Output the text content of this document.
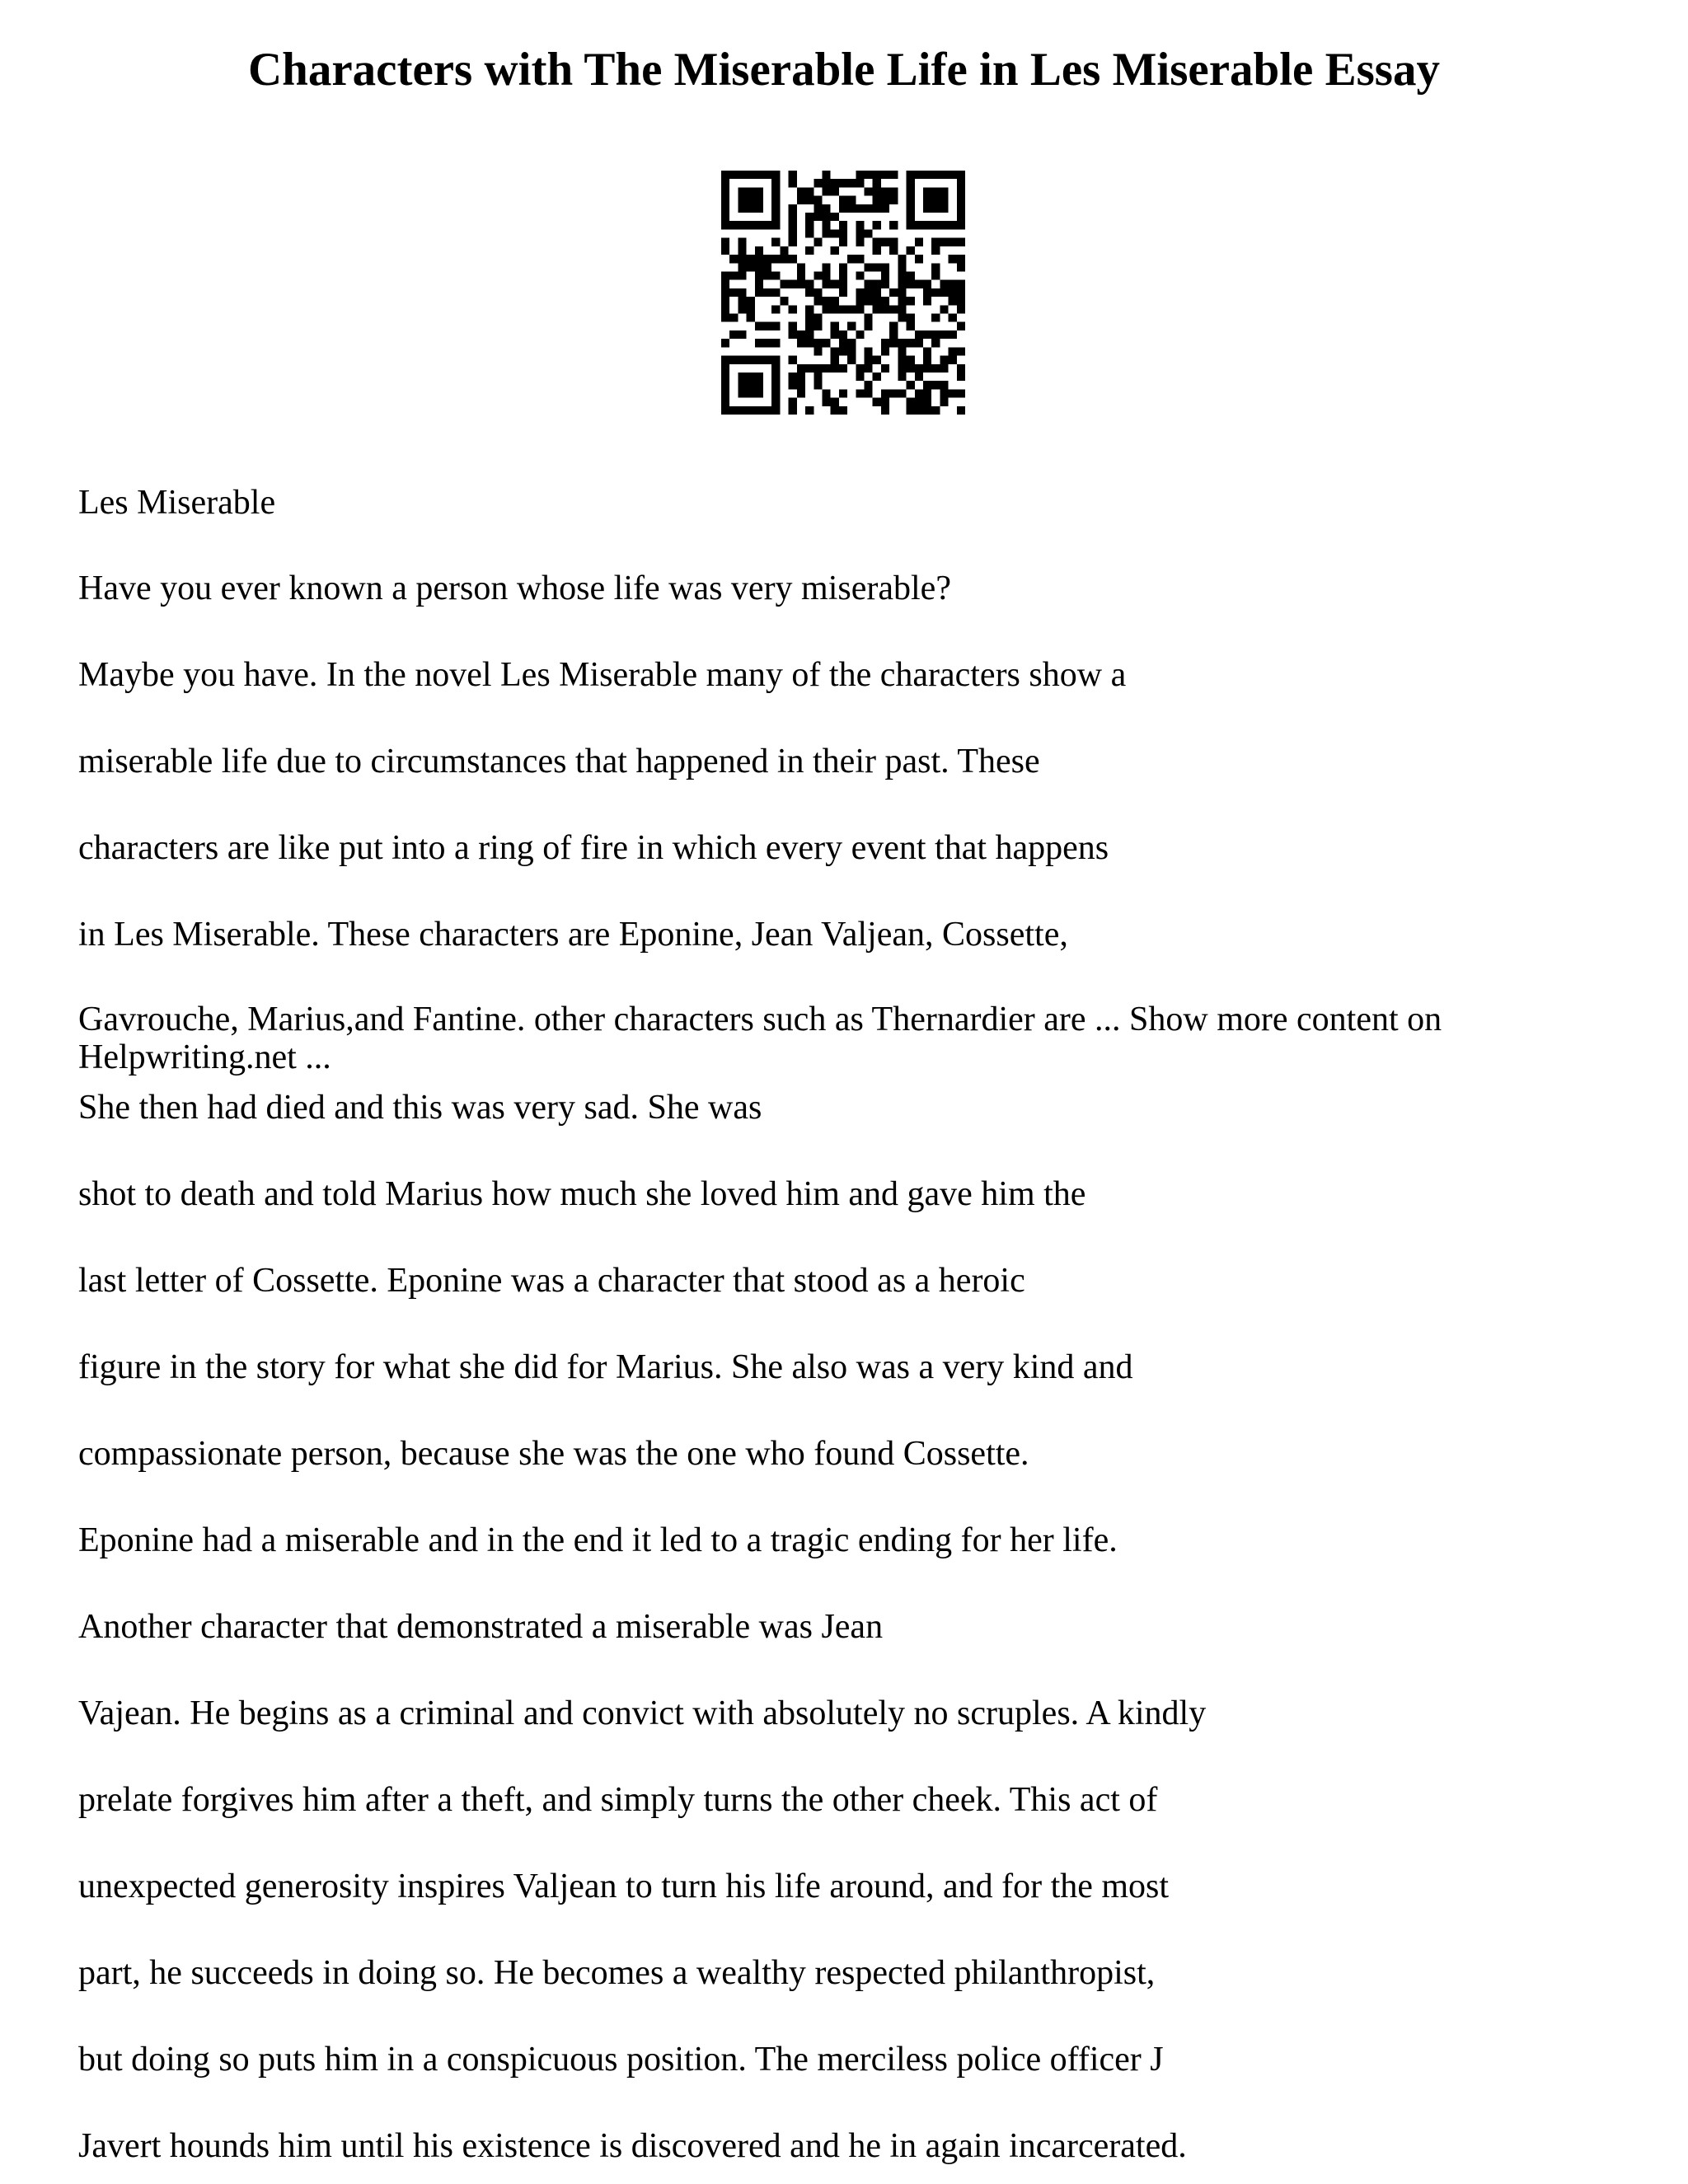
Characters with The Miserable Life in Les Miserable Essay

Les Miserable

Have you ever known a person whose life was very miserable?

Maybe you have. In the novel Les Miserable many of the characters show a

miserable life due to circumstances that happened in their past. These

characters are like put into a ring of fire in which every event that happens

in Les Miserable. These characters are Eponine, Jean Valjean, Cossette,

Gavrouche, Marius,and Fantine. other characters such as Thernardier are ... Show more content on Helpwriting.net ...

She then had died and this was very sad. She was

shot to death and told Marius how much she loved him and gave him the

last letter of Cossette. Eponine was a character that stood as a heroic

figure in the story for what she did for Marius. She also was a very kind and

compassionate person, because she was the one who found Cossette.

Eponine had a miserable and in the end it led to a tragic ending for her life.

Another character that demonstrated a miserable was Jean

Vajean. He begins as a criminal and convict with absolutely no scruples. A kindly

prelate forgives him after a theft, and simply turns the other cheek. This act of

unexpected generosity inspires Valjean to turn his life around, and for the most

part, he succeeds in doing so. He becomes a wealthy respected philanthropist,

but doing so puts him in a conspicuous position. The merciless police officer J

Javert hounds him until his existence is discovered and he in again incarcerated.
